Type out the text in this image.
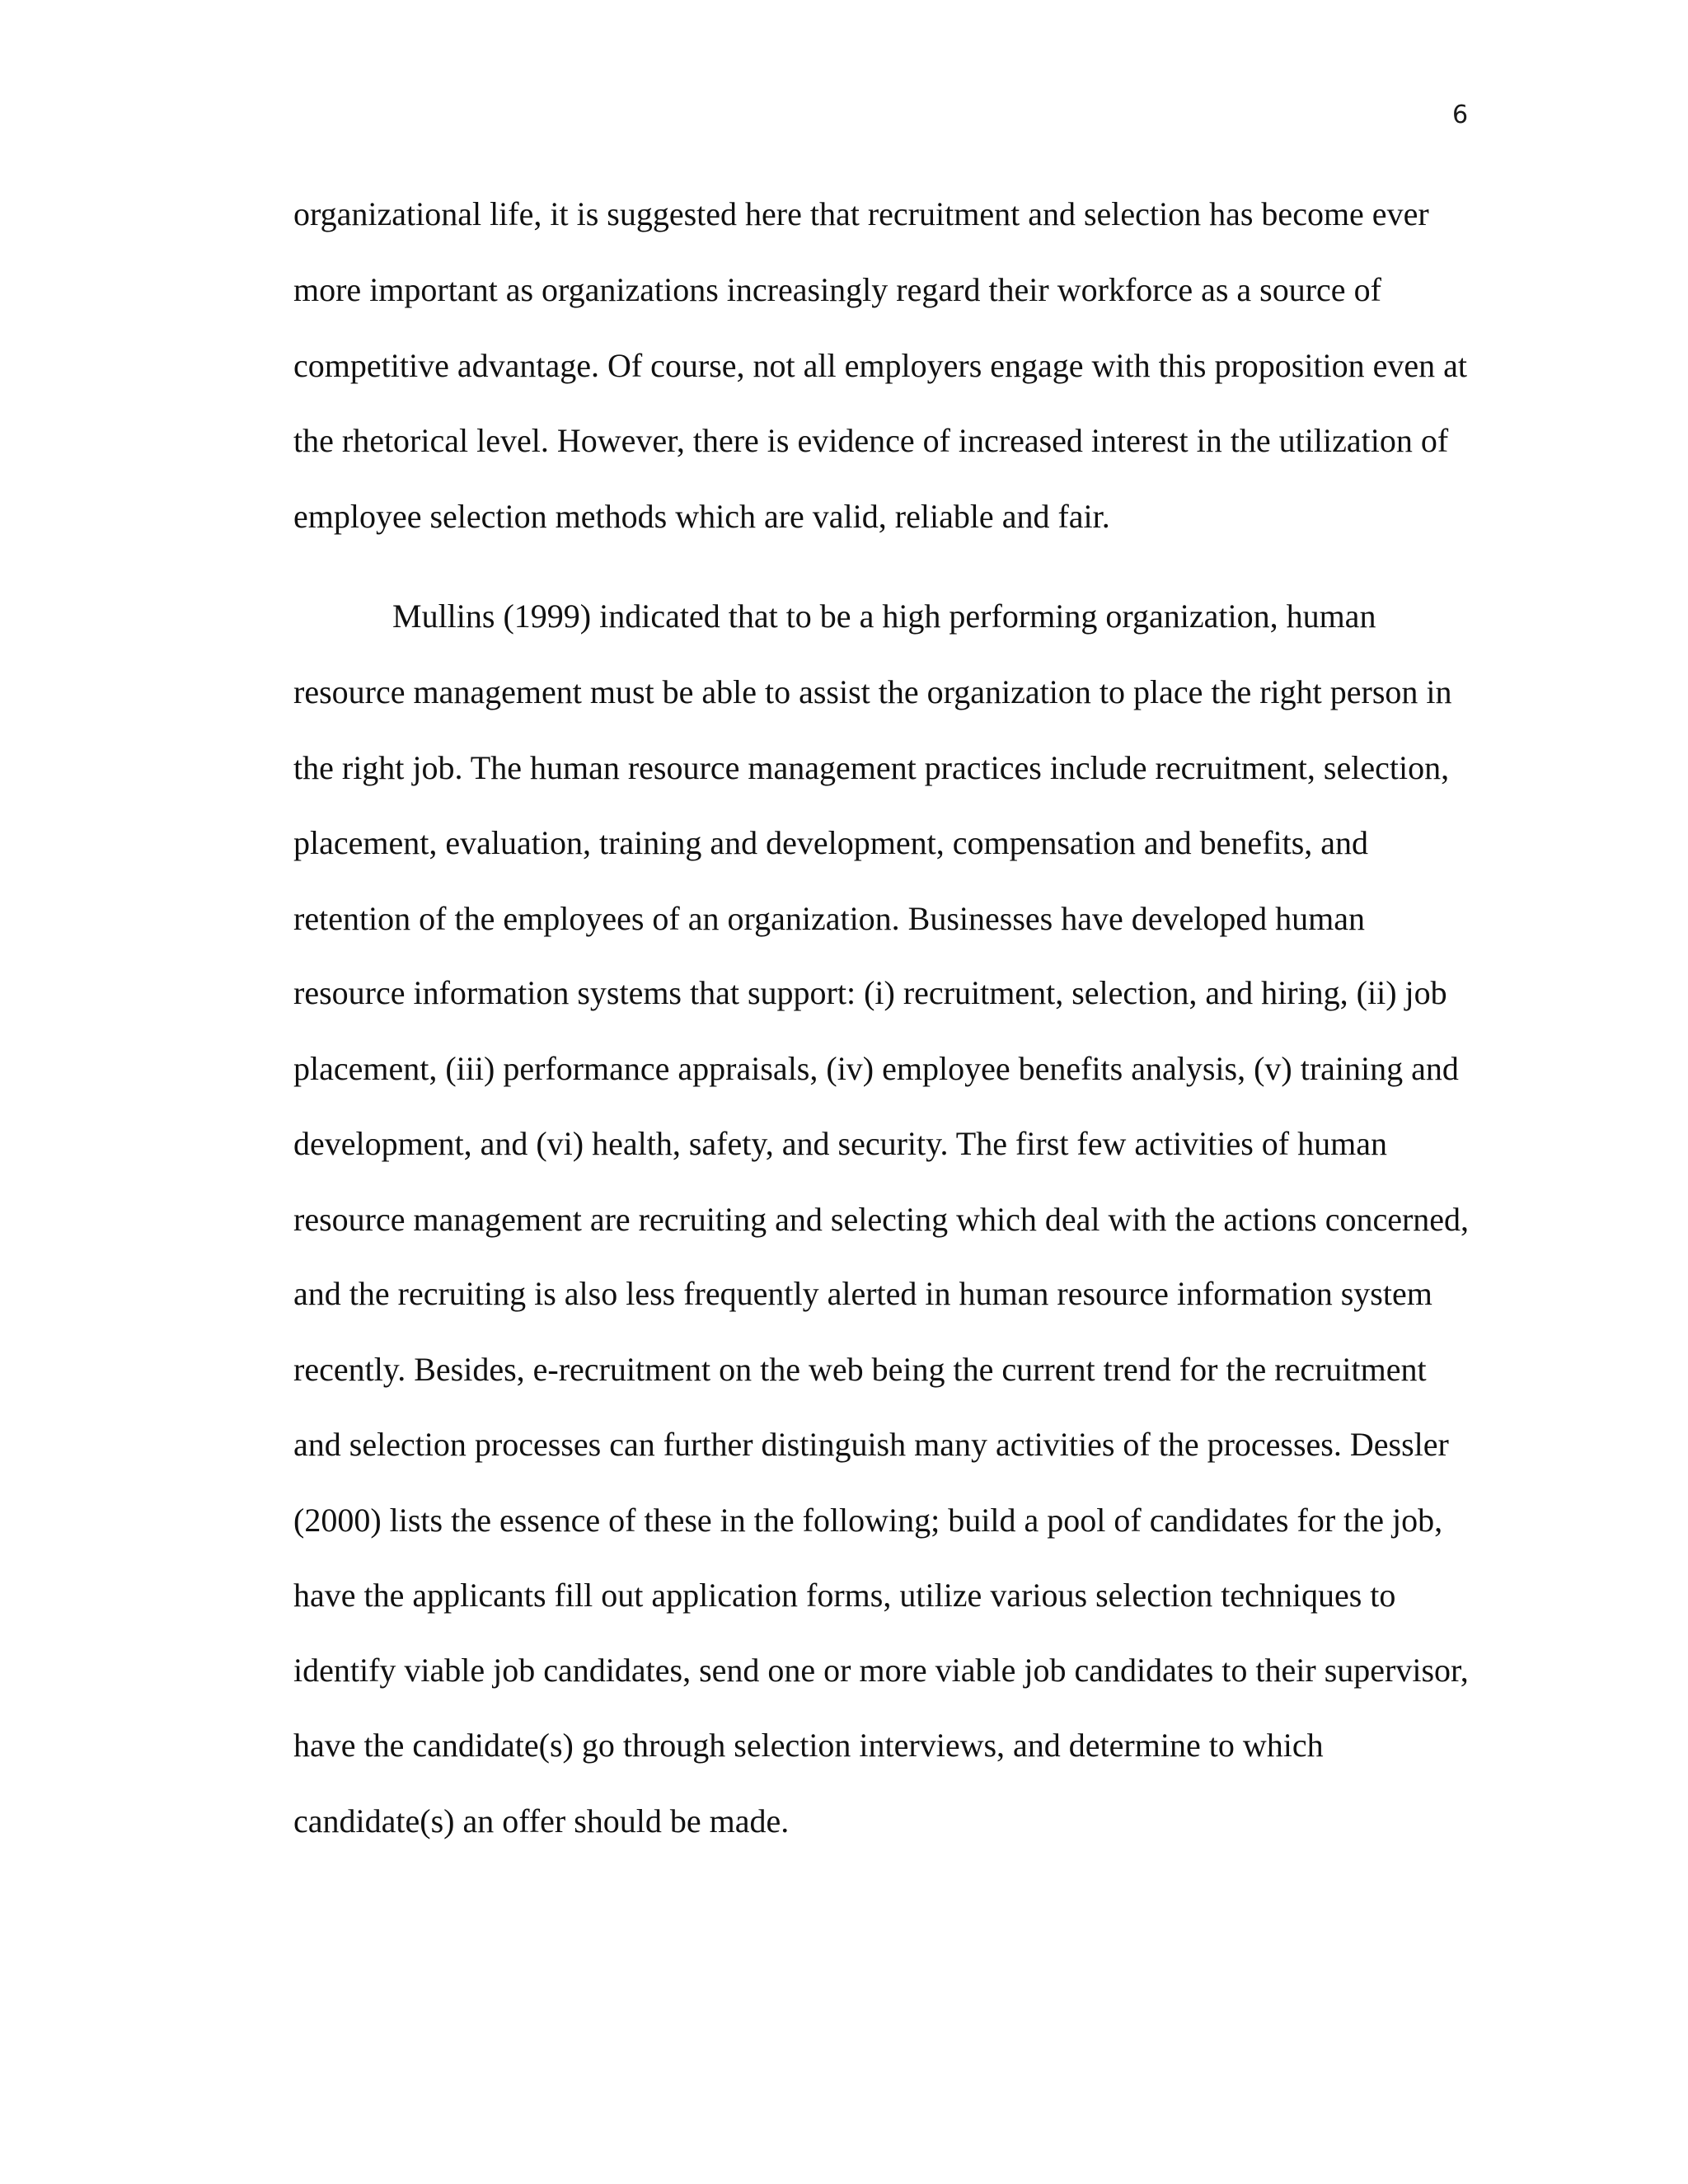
6
organizational life, it is suggested here that recruitment and selection has become ever
more important as organizations increasingly regard their workforce as a source of
competitive advantage. Of course, not all employers engage with this proposition even at
the rhetorical level. However, there is evidence of increased interest in the utilization of
employee selection methods which are valid, reliable and fair.
Mullins (1999) indicated that to be a high performing organization, human
resource management must be able to assist the organization to place the right person in
the right job. The human resource management practices include recruitment, selection,
placement, evaluation, training and development, compensation and benefits, and
retention of the employees of an organization. Businesses have developed human
resource information systems that support: (i) recruitment, selection, and hiring, (ii) job
placement, (iii) performance appraisals, (iv) employee benefits analysis, (v) training and
development, and (vi) health, safety, and security. The first few activities of human
resource management are recruiting and selecting which deal with the actions concerned,
and the recruiting is also less frequently alerted in human resource information system
recently. Besides, e-recruitment on the web being the current trend for the recruitment
and selection processes can further distinguish many activities of the processes. Dessler
(2000) lists the essence of these in the following; build a pool of candidates for the job,
have the applicants fill out application forms, utilize various selection techniques to
identify viable job candidates, send one or more viable job candidates to their supervisor,
have the candidate(s) go through selection interviews, and determine to which
candidate(s) an offer should be made.
